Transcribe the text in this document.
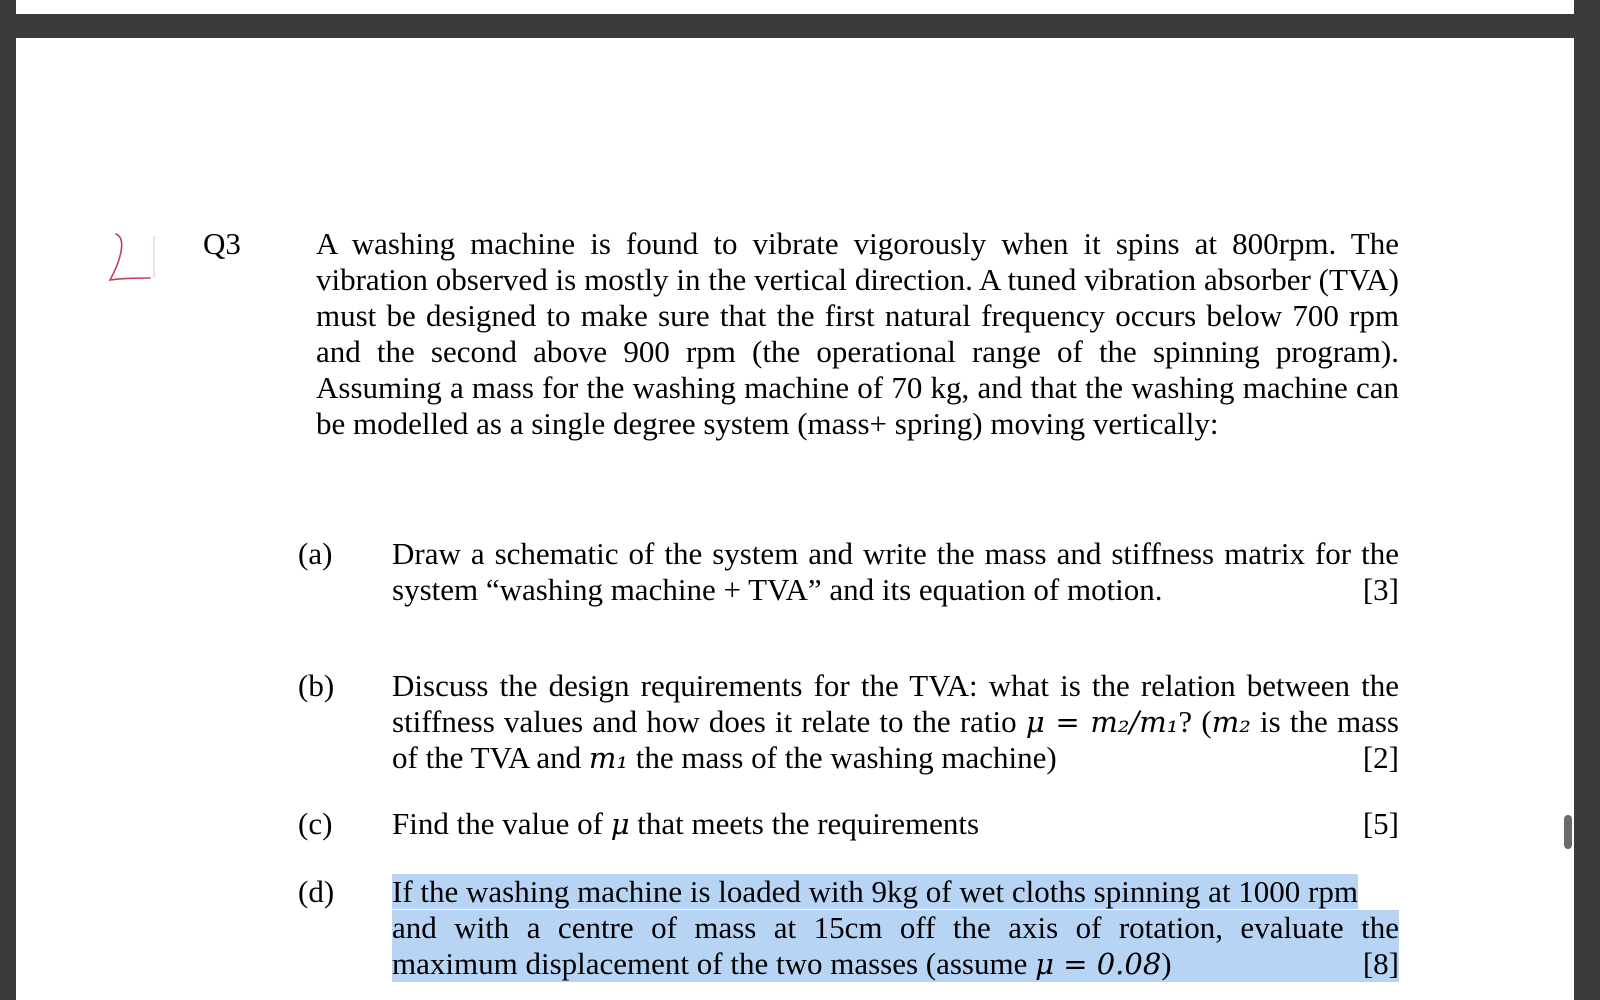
Q3 A washing machine is found to vibrate vigorously when it spins at 800rpm. The vibration observed is mostly in the vertical direction. A tuned vibration absorber (TVA) must be designed to make sure that the first natural frequency occurs below 700 rpm and the second above 900 rpm (the operational range of the spinning program). Assuming a mass for the washing machine of 70 kg, and that the washing machine can be modelled as a single degree system (mass+ spring) moving vertically:
(a) Draw a schematic of the system and write the mass and stiffness matrix for the
system “washing machine + TVA” and its equation of motion.	[3]
(b) Discuss the design requirements for the TVA: what is the relation between the
stiffness values and how does it relate to the ratio μ = m₂/m₁? (m₂ is the mass
of the TVA and m₁ the mass of the washing machine)	[2]
(c) Find the value of μ that meets the requirements	[5]
(d) If the washing machine is loaded with 9kg of wet cloths spinning at 1000 rpm
and with a centre of mass at 15cm off the axis of rotation, evaluate the
maximum displacement of the two masses (assume μ = 0.08)	[8]
